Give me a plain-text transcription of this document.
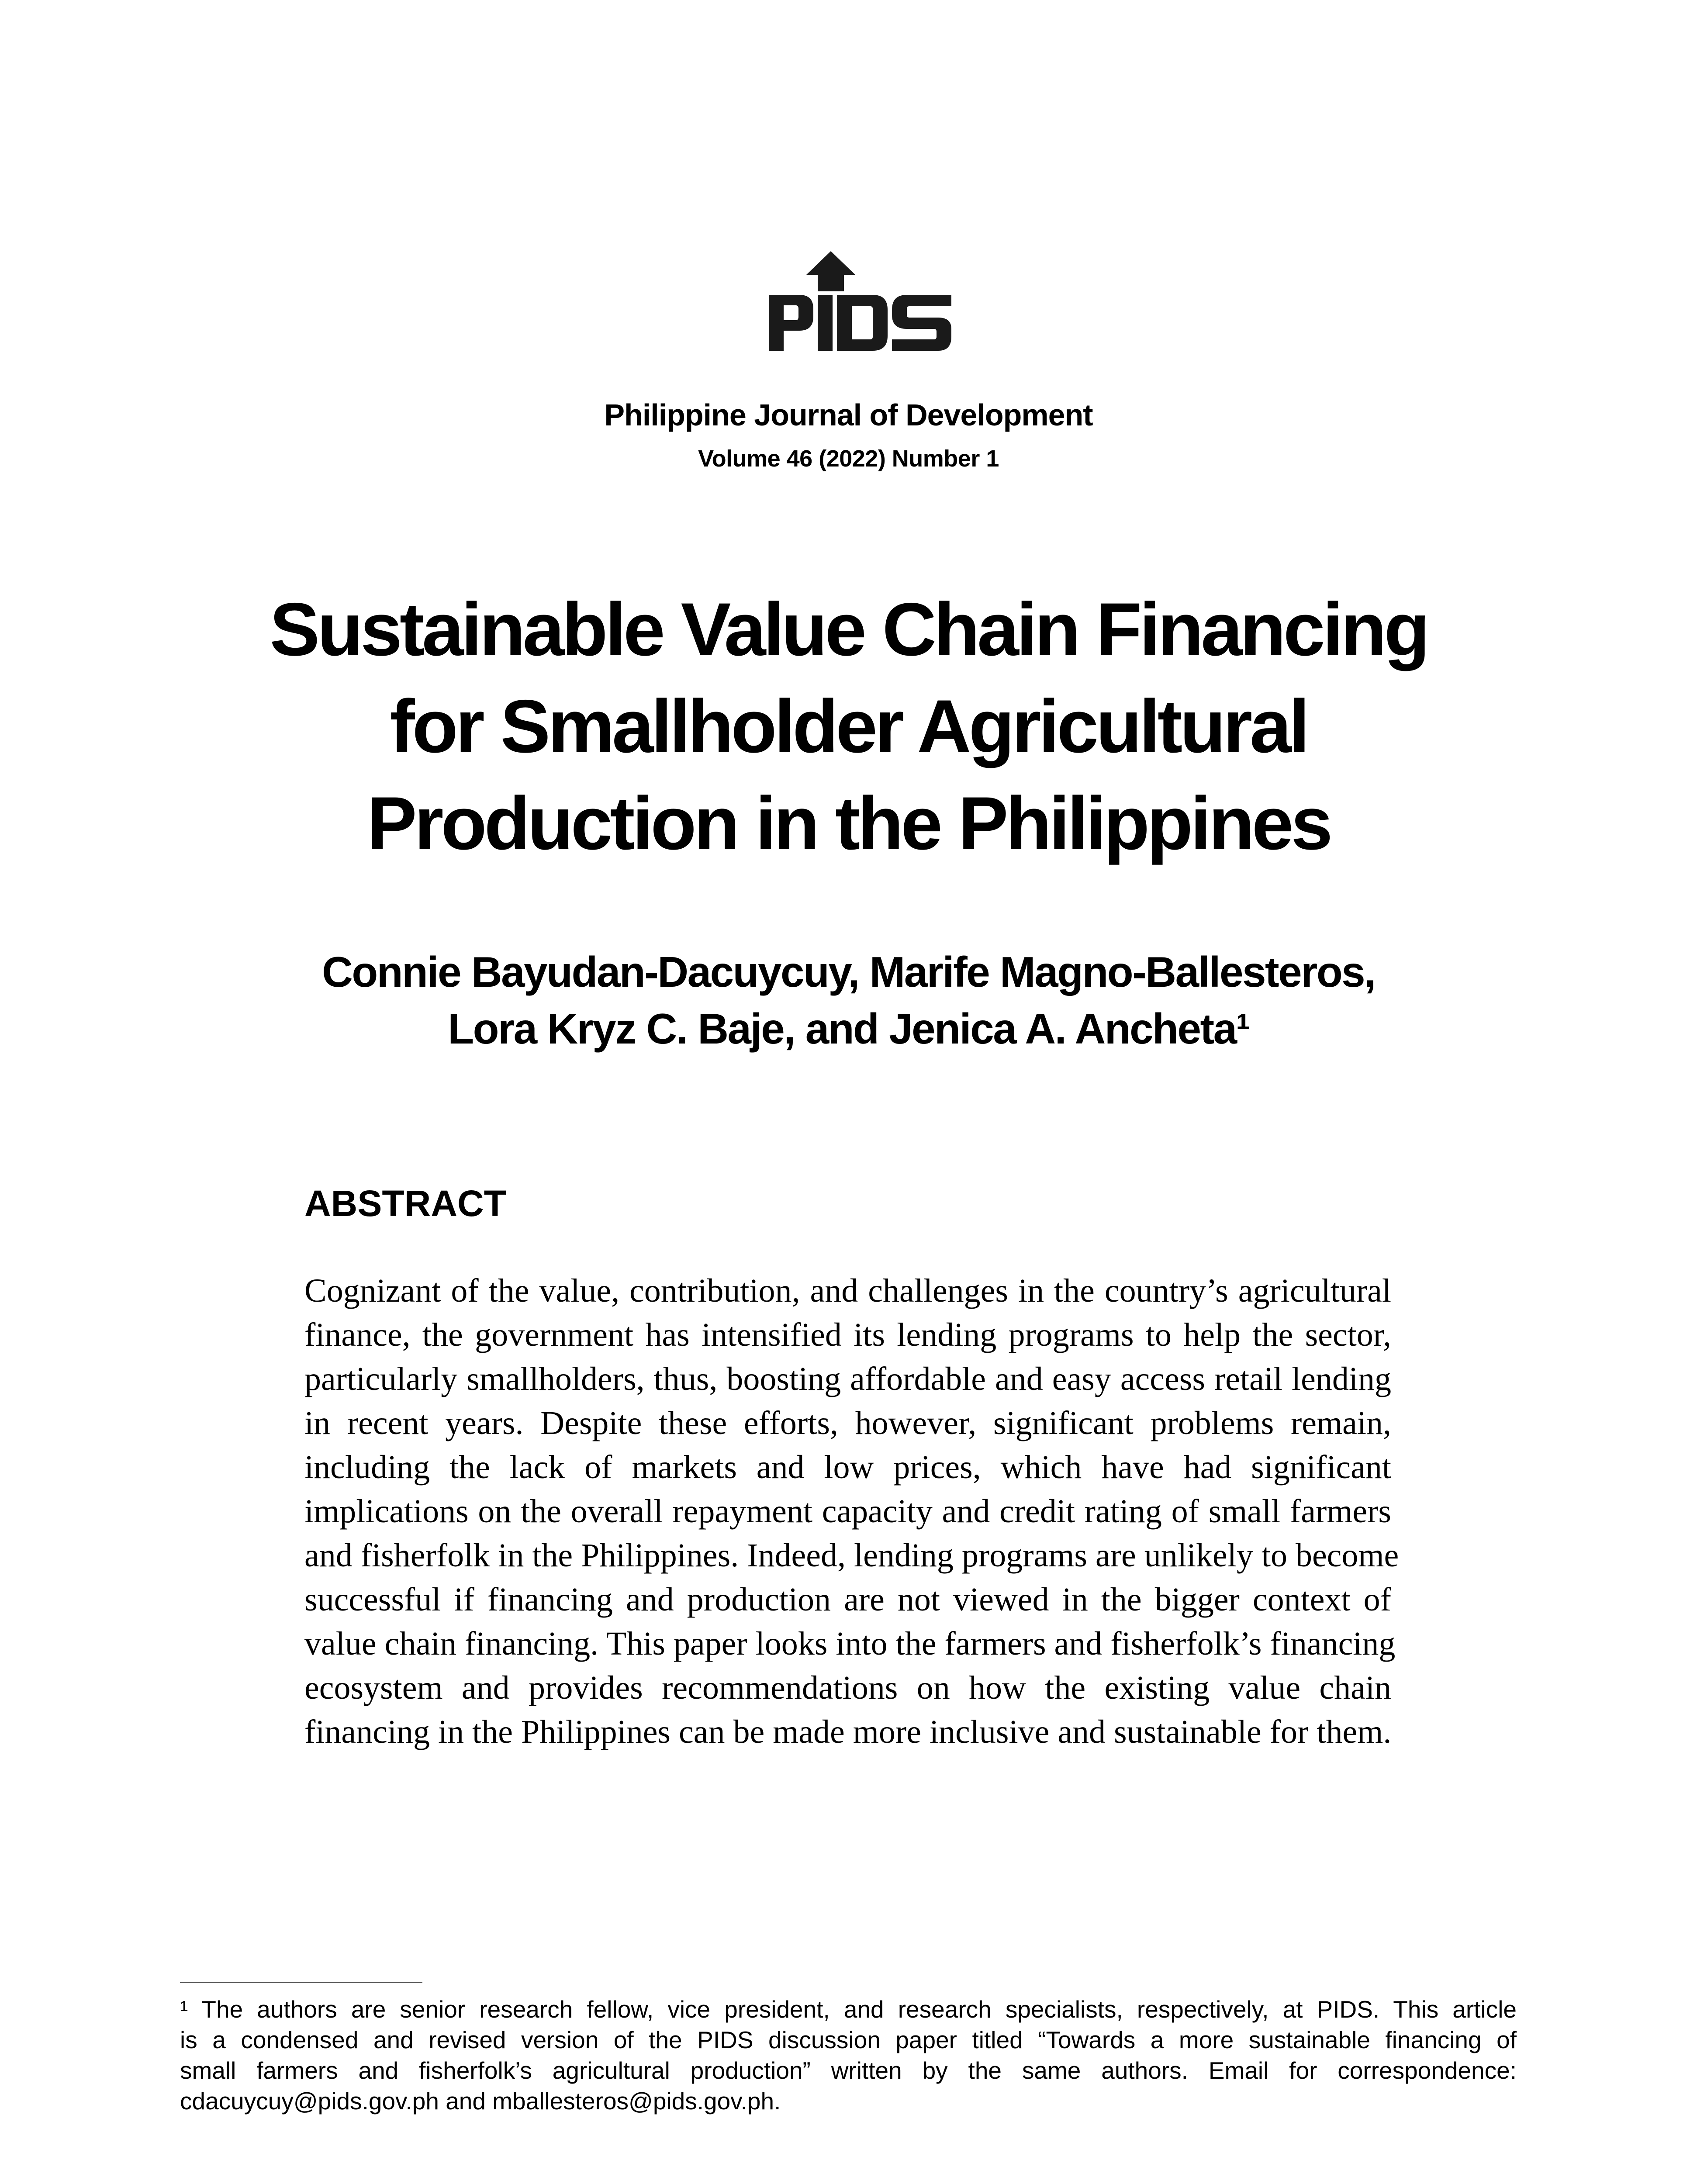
Philippine Journal of Development
Volume 46 (2022) Number 1
Sustainable Value Chain Financing
for Smallholder Agricultural
Production in the Philippines
Connie Bayudan-Dacuycuy, Marife Magno-Ballesteros,
Lora Kryz C. Baje, and Jenica A. Ancheta¹
ABSTRACT
Cognizant of the value, contribution, and challenges in the country’s agricultural
finance, the government has intensified its lending programs to help the sector,
particularly smallholders, thus, boosting affordable and easy access retail lending
in recent years. Despite these efforts, however, significant problems remain,
including the lack of markets and low prices, which have had significant
implications on the overall repayment capacity and credit rating of small farmers
and fisherfolk in the Philippines. Indeed, lending programs are unlikely to become
successful if financing and production are not viewed in the bigger context of
value chain financing. This paper looks into the farmers and fisherfolk’s financing
ecosystem and provides recommendations on how the existing value chain
financing in the Philippines can be made more inclusive and sustainable for them.
¹ The authors are senior research fellow, vice president, and research specialists, respectively, at PIDS. This article
is a condensed and revised version of the PIDS discussion paper titled “Towards a more sustainable financing of
small farmers and fisherfolk’s agricultural production” written by the same authors. Email for correspondence:
cdacuycuy@pids.gov.ph and mballesteros@pids.gov.ph.
